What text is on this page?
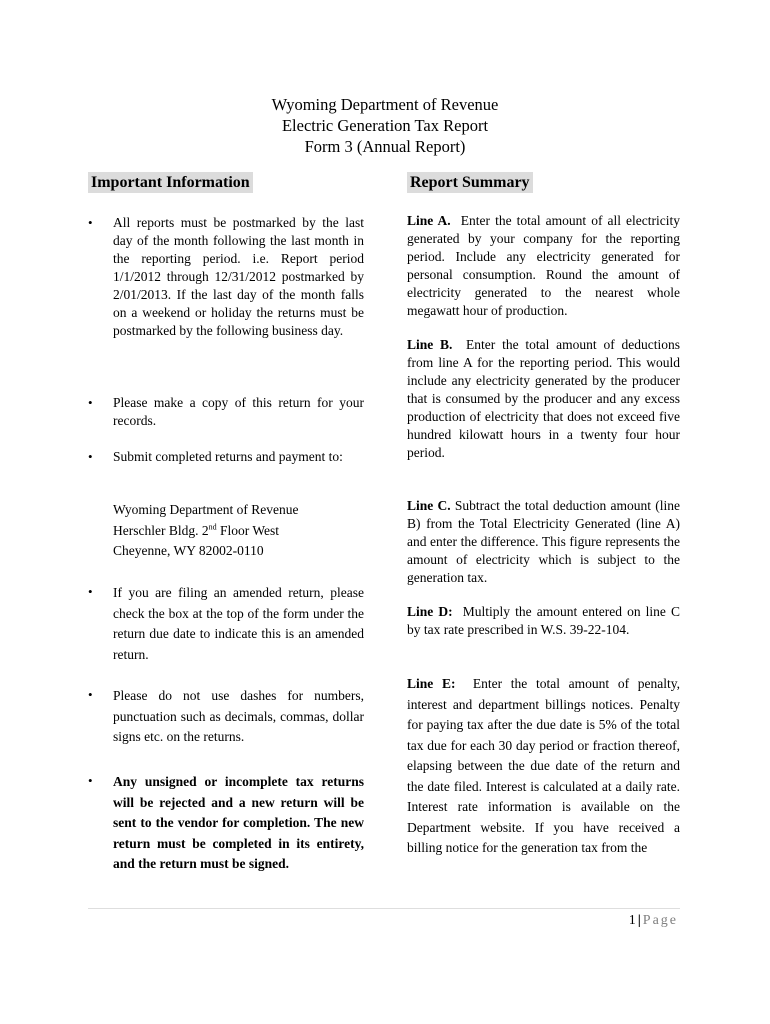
Wyoming Department of Revenue
Electric Generation Tax Report
Form 3 (Annual Report)
Important Information
•	All reports must be postmarked by the last day of the month following the last month in the reporting period. i.e. Report period 1/1/2012 through 12/31/2012 postmarked by 2/01/2013. If the last day of the month falls on a weekend or holiday the returns must be postmarked by the following business day.
•	Please make a copy of this return for your records.
•	Submit completed returns and payment to:
•	If you are filing an amended return, please check the box at the top of the form under the return due date to indicate this is an amended return.
•	Please do not use dashes for numbers, punctuation such as decimals, commas, dollar signs etc. on the returns.
•	Any unsigned or incomplete tax returns will be rejected and a new return will be sent to the vendor for completion. The new return must be completed in its entirety, and the return must be signed.
Wyoming Department of Revenue
Herschler Bldg. 2nd Floor West
Cheyenne, WY 82002-0110
Report Summary
Line A. Enter the total amount of all electricity generated by your company for the reporting period. Include any electricity generated for personal consumption. Round the amount of electricity generated to the nearest whole megawatt hour of production.
Line B. Enter the total amount of deductions from line A for the reporting period. This would include any electricity generated by the producer that is consumed by the producer and any excess production of electricity that does not exceed five hundred kilowatt hours in a twenty four hour period.
Line C. Subtract the total deduction amount (line B) from the Total Electricity Generated (line A) and enter the difference. This figure represents the amount of electricity which is subject to the generation tax.
Line D: Multiply the amount entered on line C by tax rate prescribed in W.S. 39-22-104.
Line E: Enter the total amount of penalty, interest and department billings notices. Penalty for paying tax after the due date is 5% of the total tax due for each 30 day period or fraction thereof, elapsing between the due date of the return and the date filed. Interest is calculated at a daily rate. Interest rate information is available on the Department website. If you have received a billing notice for the generation tax from the
1 | Page
